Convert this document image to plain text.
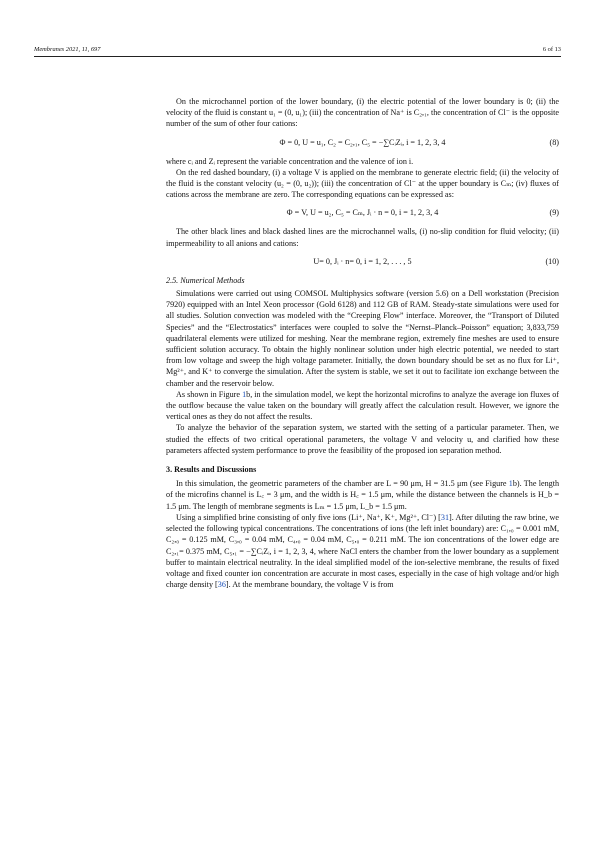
Membranes 2021, 11, 697	6 of 13

On the microchannel portion of the lower boundary, (i) the electric potential of the lower boundary is 0; (ii) the velocity of the fluid is constant u₁ = (0, u₁); (iii) the concentration of Na⁺ is C₂,₁, the concentration of Cl⁻ is the opposite number of the sum of other four cations:

Φ = 0, U = u₁, C₂ = C₂,₁, C₅ = −∑CᵢZᵢ, i = 1, 2, 3, 4	(8)

where cᵢ and Zᵢ represent the variable concentration and the valence of ion i.

On the red dashed boundary, (i) a voltage V is applied on the membrane to generate electric field; (ii) the velocity of the fluid is the constant velocity (u₂ = (0, u₂)); (iii) the concentration of Cl⁻ at the upper boundary is Cₘ; (iv) fluxes of cations across the membrane are zero. The corresponding equations can be expressed as:

Φ = V, U = u₂, C₅ = Cₘ, Jᵢ · n = 0, i = 1, 2, 3, 4	(9)

The other black lines and black dashed lines are the microchannel walls, (i) no-slip condition for fluid velocity; (ii) impermeability to all anions and cations:

U= 0, Jᵢ · n= 0, i = 1, 2, . . . , 5	(10)
2.5. Numerical Methods

Simulations were carried out using COMSOL Multiphysics software (version 5.6) on a Dell workstation (Precision 7920) equipped with an Intel Xeon processor (Gold 6128) and 112 GB of RAM. Steady-state simulations were used for all studies. Solution convection was modeled with the “Creeping Flow” interface. Moreover, the “Transport of Diluted Species” and the “Electrostatics” interfaces were coupled to solve the “Nernst–Planck–Poisson” equation; 3,833,759 quadrilateral elements were utilized for meshing. Near the membrane region, extremely fine meshes are used to ensure sufficient solution accuracy. To obtain the highly nonlinear solution under high electric potential, we needed to start from low voltage and sweep the high voltage parameter. Initially, the down boundary should be set as no flux for Li⁺, Mg²⁺, and K⁺ to converge the simulation. After the system is stable, we set it out to facilitate ion exchange between the chamber and the reservoir below.

As shown in Figure 1b, in the simulation model, we kept the horizontal microfins to analyze the average ion fluxes of the outflow because the value taken on the boundary will greatly affect the calculation result. However, we ignore the vertical ones as they do not affect the results.

To analyze the behavior of the separation system, we started with the setting of a particular parameter. Then, we studied the effects of two critical operational parameters, the voltage V and velocity u, and clarified how these parameters affected system performance to prove the feasibility of the proposed ion separation method.

3. Results and Discussions

In this simulation, the geometric parameters of the chamber are L = 90 μm, H = 31.5 μm (see Figure 1b). The length of the microfins channel is L꜀ = 3 μm, and the width is H꜀ = 1.5 μm, while the distance between the channels is H_b = 1.5 μm. The length of membrane segments is Lₘ = 1.5 μm, L_b = 1.5 μm.

Using a simplified brine consisting of only five ions (Li⁺, Na⁺, K⁺, Mg²⁺, Cl⁻) [31]. After diluting the raw brine, we selected the following typical concentrations. The concentrations of ions (the left inlet boundary) are: C₁,₀ = 0.001 mM, C₂,₀ = 0.125 mM, C₃,₀ = 0.04 mM, C₄,₀ = 0.04 mM, C₅,₀ = 0.211 mM. The ion concentrations of the lower edge are C₂,₁= 0.375 mM, C₅,₁ = −∑CᵢZᵢ, i = 1, 2, 3, 4, where NaCl enters the chamber from the lower boundary as a supplement buffer to maintain electrical neutrality. In the ideal simplified model of the ion-selective membrane, the results of fixed voltage and fixed counter ion concentration are accurate in most cases, especially in the case of high voltage and/or high charge density [36]. At the membrane boundary, the voltage V is from
